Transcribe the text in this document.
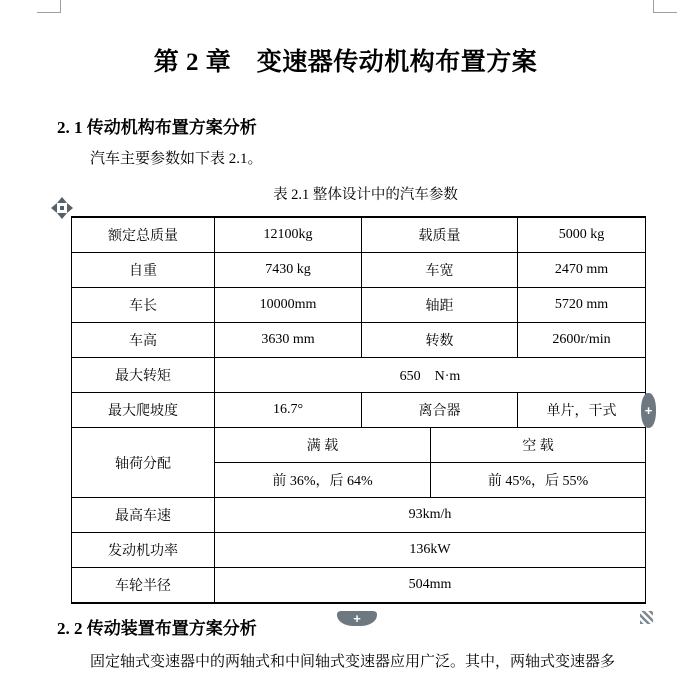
第 2 章　变速器传动机构布置方案
2. 1 传动机构布置方案分析

汽车主要参数如下表 2.1。

表 2.1 整体设计中的汽车参数
额定总质量	12100kg	载质量		5000 kg
自重	7430 kg	车宽		2470 mm
车长	10000mm	轴距		5720 mm
车高	3630 mm	转数		2600r/min
最大转矩	650　N·m			
最大爬坡度	16.7°	离合器		单片，干式
轴荷分配	满 载		空 载	
	前 36%，后 64%		前 45%，后 55%	
最高车速	93km/h			
发动机功率	136kW			
车轮半径	504mm			
+
+
2. 2 传动装置布置方案分析

固定轴式变速器中的两轴式和中间轴式变速器应用广泛。其中，两轴式变速器多
